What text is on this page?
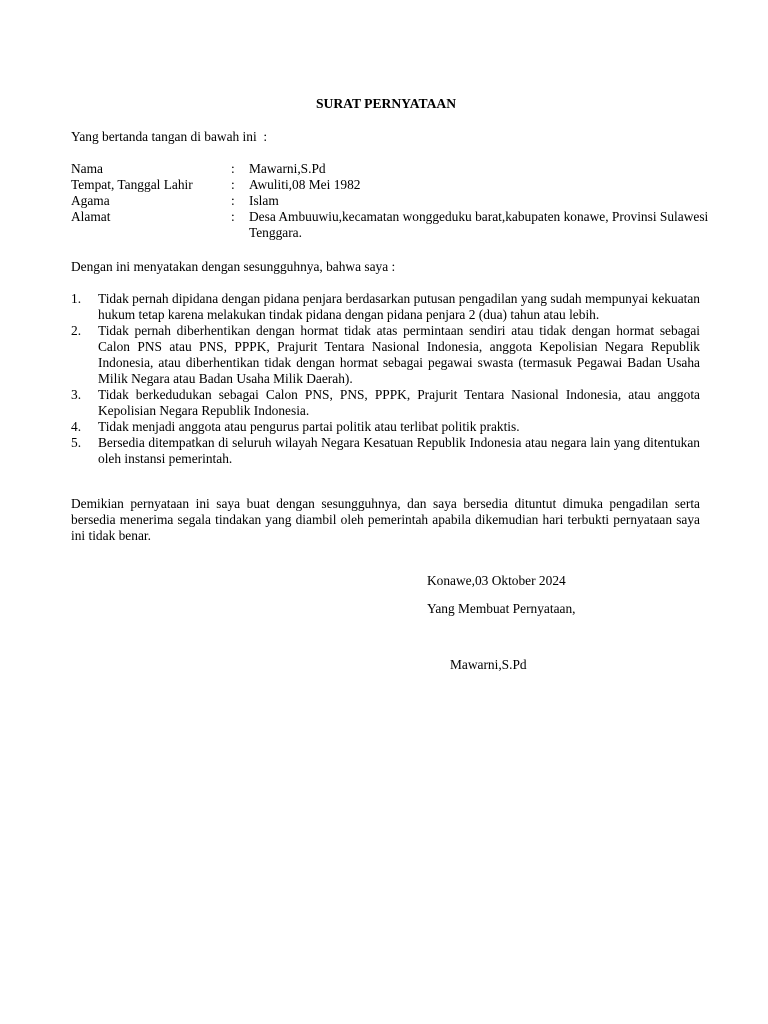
SURAT PERNYATAAN

Yang bertanda tangan di bawah ini  :

Nama	: Mawarni,S.Pd
Tempat, Tanggal Lahir	: Awuliti,08 Mei 1982
Agama	: Islam
Alamat	: Desa Ambuuwiu,kecamatan wonggeduku barat,kabupaten konawe, Provinsi Sulawesi Tenggara.

Dengan ini menyatakan dengan sesungguhnya, bahwa saya :

1. Tidak pernah dipidana dengan pidana penjara berdasarkan putusan pengadilan yang sudah mempunyai kekuatan hukum tetap karena melakukan tindak pidana dengan pidana penjara 2 (dua) tahun atau lebih.
2. Tidak pernah diberhentikan dengan hormat tidak atas permintaan sendiri atau tidak dengan hormat sebagai Calon PNS atau PNS, PPPK, Prajurit Tentara Nasional Indonesia, anggota Kepolisian Negara Republik Indonesia, atau diberhentikan tidak dengan hormat sebagai pegawai swasta (termasuk Pegawai Badan Usaha Milik Negara atau Badan Usaha Milik Daerah).
3. Tidak berkedudukan sebagai Calon PNS, PNS, PPPK, Prajurit Tentara Nasional Indonesia, atau anggota Kepolisian Negara Republik Indonesia.
4. Tidak menjadi anggota atau pengurus partai politik atau terlibat politik praktis.
5. Bersedia ditempatkan di seluruh wilayah Negara Kesatuan Republik Indonesia atau negara lain yang ditentukan oleh instansi pemerintah.

Demikian pernyataan ini saya buat dengan sesungguhnya, dan saya bersedia dituntut dimuka pengadilan serta bersedia menerima segala tindakan yang diambil oleh pemerintah apabila dikemudian hari terbukti pernyataan saya ini tidak benar.

Konawe,03 Oktober 2024

Yang Membuat Pernyataan,

Mawarni,S.Pd
